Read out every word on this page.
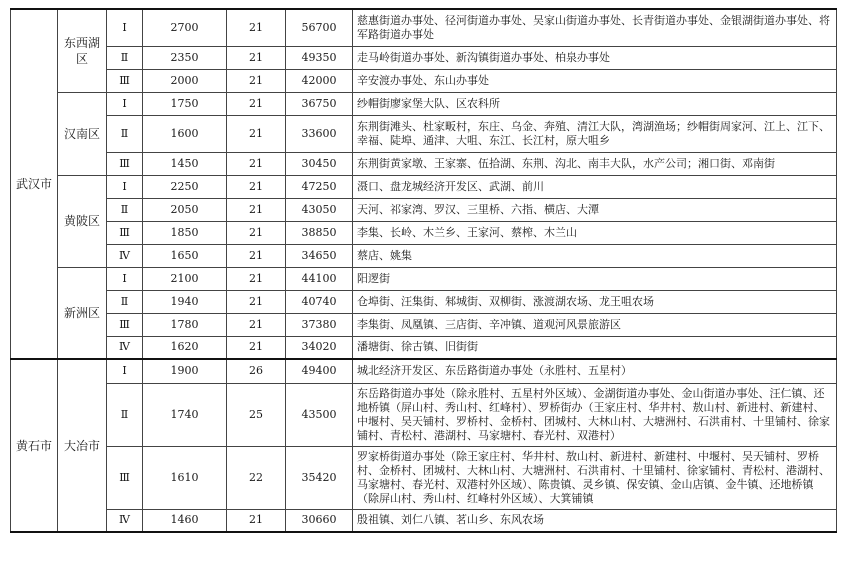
武汉市	东西湖区	Ⅰ	2700	21	56700	慈惠街道办事处、径河街道办事处、吴家山街道办事处、长青街道办事处、金银湖街道办事处、将军路街道办事处
		Ⅱ	2350	21	49350	走马岭街道办事处、新沟镇街道办事处、柏泉办事处
		Ⅲ	2000	21	42000	辛安渡办事处、东山办事处
	汉南区	Ⅰ	1750	21	36750	纱帽街廖家堡大队、区农科所
		Ⅱ	1600	21	33600	东荆街滩头、杜家畈村，东庄、乌金、奔殖、清江大队，湾湖渔场；纱帽街周家河、江上、江下、幸福、陡埠、通津、大咀、东江、长江村，原大咀乡
		Ⅲ	1450	21	30450	东荆街黄家墩、王家寨、伍拾湖、东荆、沟北、南丰大队，水产公司；湘口街、邓南街
	黄陂区	Ⅰ	2250	21	47250	滠口、盘龙城经济开发区、武湖、前川
		Ⅱ	2050	21	43050	天河、祁家湾、罗汉、三里桥、六指、横店、大潭
		Ⅲ	1850	21	38850	李集、长岭、木兰乡、王家河、蔡榨、木兰山
		Ⅳ	1650	21	34650	蔡店、姚集
	新洲区	Ⅰ	2100	21	44100	阳逻街
		Ⅱ	1940	21	40740	仓埠街、汪集街、邾城街、双柳街、涨渡湖农场、龙王咀农场
		Ⅲ	1780	21	37380	李集街、凤凰镇、三店街、辛冲镇、道观河风景旅游区
		Ⅳ	1620	21	34020	潘塘街、徐古镇、旧街街
黄石市	大冶市	Ⅰ	1900	26	49400	城北经济开发区、东岳路街道办事处（永胜村、五星村）
		Ⅱ	1740	25	43500	东岳路街道办事处（除永胜村、五星村外区域）、金湖街道办事处、金山街道办事处、汪仁镇、还地桥镇（屏山村、秀山村、红峰村）、罗桥街办（王家庄村、华井村、敖山村、新进村、新建村、中堰村、吴天铺村、罗桥村、金桥村、团城村、大林山村、大塘洲村、石洪甫村、十里铺村、徐家铺村、青松村、港湖村、马家塘村、春光村、双港村）
		Ⅲ	1610	22	35420	罗家桥街道办事处（除王家庄村、华井村、敖山村、新进村、新建村、中堰村、吴天铺村、罗桥村、金桥村、团城村、大林山村、大塘洲村、石洪甫村、十里铺村、徐家铺村、青松村、港湖村、马家塘村、春光村、双港村外区域）、陈贵镇、灵乡镇、保安镇、金山店镇、金牛镇、还地桥镇（除屏山村、秀山村、红峰村外区域）、大箕铺镇
		Ⅳ	1460	21	30660	殷祖镇、刘仁八镇、茗山乡、东风农场
